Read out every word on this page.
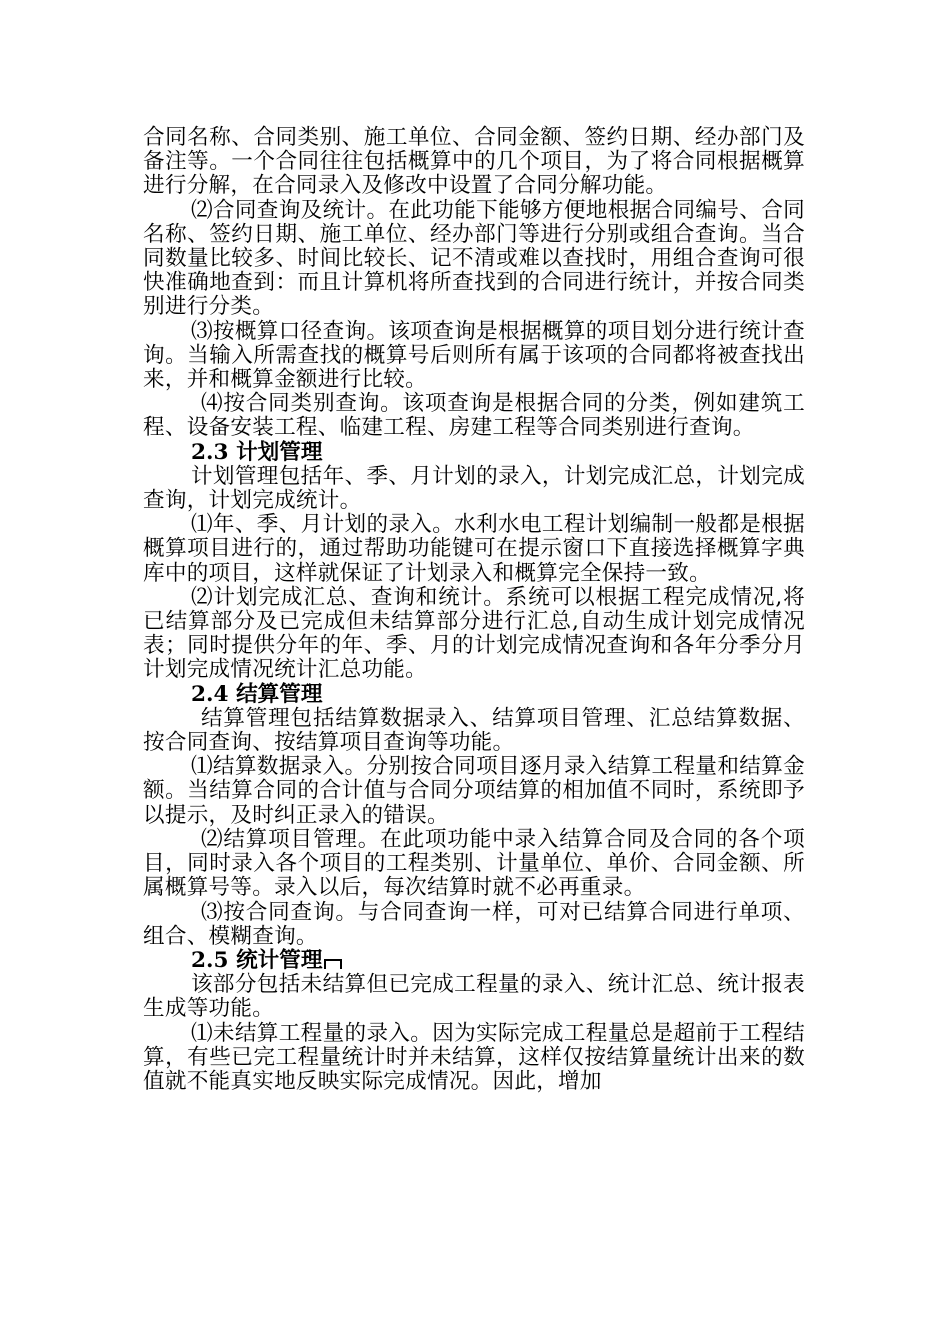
合同名称、合同类别、施工单位、合同金额、签约日期、经办部门及备注等。一个合同往往包括概算中的几个项目，为了将合同根据概算进行分解，在合同录入及修改中设置了合同分解功能。

⑵合同查询及统计。在此功能下能够方便地根据合同编号、合同名称、签约日期、施工单位、经办部门等进行分别或组合查询。当合同数量比较多、时间比较长、记不清或难以查找时，用组合查询可很快准确地查到：而且计算机将所查找到的合同进行统计，并按合同类别进行分类。

⑶按概算口径查询。该项查询是根据概算的项目划分进行统计查询。当输入所需查找的概算号后则所有属于该项的合同都将被查找出来，并和概算金额进行比较。

⑷按合同类别查询。该项查询是根据合同的分类，例如建筑工程、设备安装工程、临建工程、房建工程等合同类别进行查询。

2.3 计划管理

计划管理包括年、季、月计划的录入，计划完成汇总，计划完成查询，计划完成统计。

⑴年、季、月计划的录入。水利水电工程计划编制一般都是根据概算项目进行的，通过帮助功能键可在提示窗口下直接选择概算字典库中的项目，这样就保证了计划录入和概算完全保持一致。

⑵计划完成汇总、查询和统计。系统可以根据工程完成情况,将已结算部分及已完成但未结算部分进行汇总,自动生成计划完成情况表；同时提供分年的年、季、月的计划完成情况查询和各年分季分月计划完成情况统计汇总功能。

2.4 结算管理

结算管理包括结算数据录入、结算项目管理、汇总结算数据、按合同查询、按结算项目查询等功能。

⑴结算数据录入。分别按合同项目逐月录入结算工程量和结算金额。当结算合同的合计值与合同分项结算的相加值不同时，系统即予以提示，及时纠正录入的错误。

⑵结算项目管理。在此项功能中录入结算合同及合同的各个项目，同时录入各个项目的工程类别、计量单位、单价、合同金额、所属概算号等。录入以后，每次结算时就不必再重录。

⑶按合同查询。与合同查询一样，可对已结算合同进行单项、组合、模糊查询。

2.5 统计管理

该部分包括未结算但已完成工程量的录入、统计汇总、统计报表生成等功能。

⑴未结算工程量的录入。因为实际完成工程量总是超前于工程结算，有些已完工程量统计时并未结算，这样仅按结算量统计出来的数值就不能真实地反映实际完成情况。因此，增加
